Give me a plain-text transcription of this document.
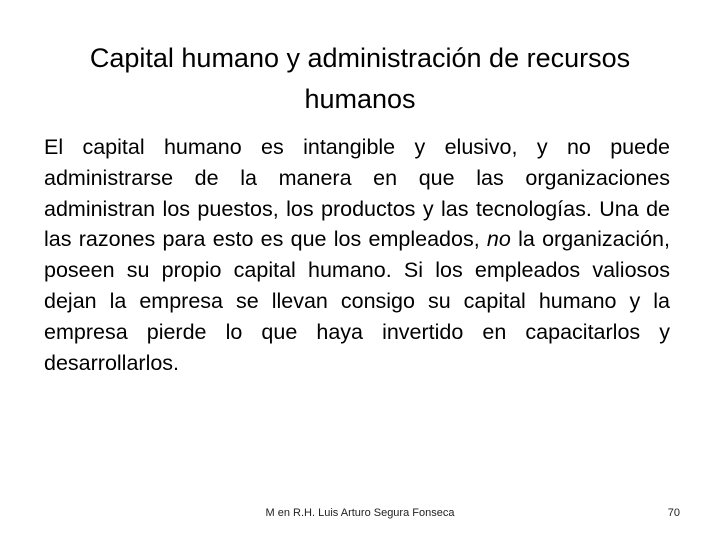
Capital humano y administración de recursos
humanos

El capital humano es intangible y elusivo, y no puede administrarse de la manera en que las organizaciones administran los puestos, los productos y las tecnologías. Una de las razones para esto es que los empleados, no la organización, poseen su propio capital humano. Si los empleados valiosos dejan la empresa se llevan consigo su capital humano y la empresa pierde lo que haya invertido en capacitarlos y desarrollarlos.

M en R.H. Luis Arturo Segura Fonseca	70
